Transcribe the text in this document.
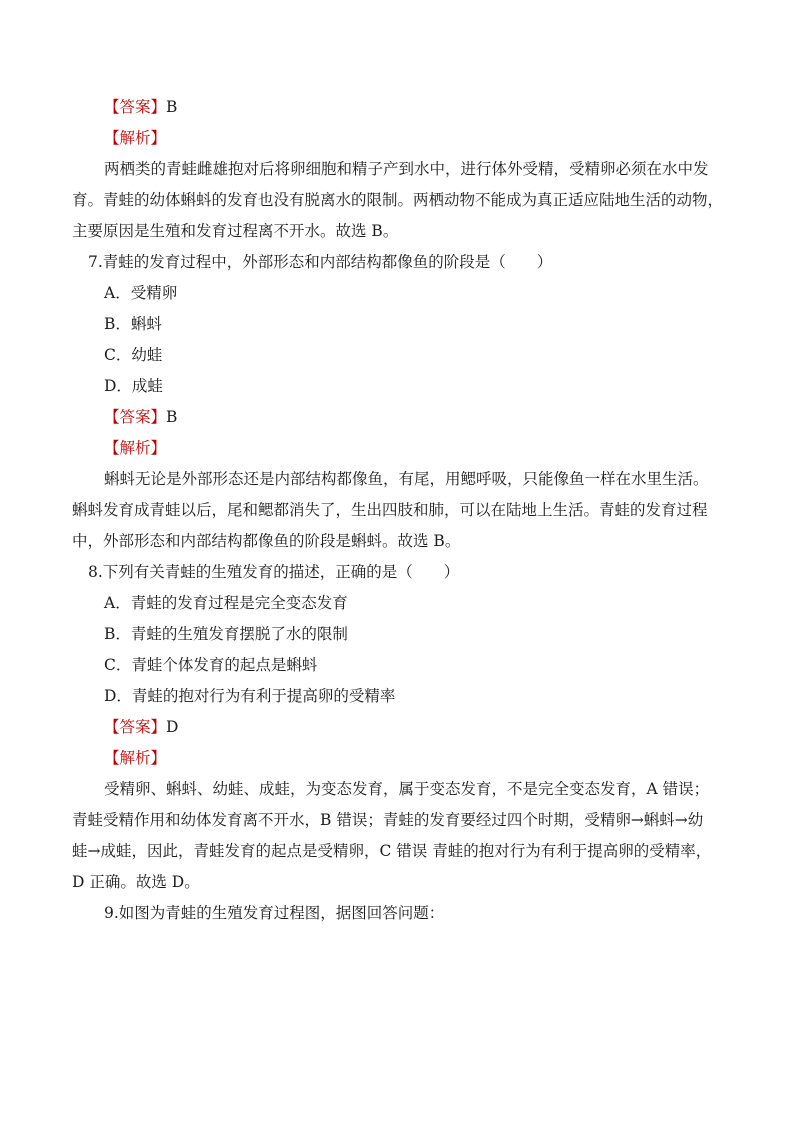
【答案】B
【解析】
两栖类的青蛙雌雄抱对后将卵细胞和精子产到水中，进行体外受精，受精卵必须在水中发
育。青蛙的幼体蝌蚪的发育也没有脱离水的限制。两栖动物不能成为真正适应陆地生活的动物，
主要原因是生殖和发育过程离不开水。故选 B。
7.青蛙的发育过程中，外部形态和内部结构都像鱼的阶段是（　　）
A．受精卵
B．蝌蚪
C．幼蛙
D．成蛙
【答案】B
【解析】
蝌蚪无论是外部形态还是内部结构都像鱼，有尾，用鳃呼吸，只能像鱼一样在水里生活。
蝌蚪发育成青蛙以后，尾和鳃都消失了，生出四肢和肺，可以在陆地上生活。青蛙的发育过程
中，外部形态和内部结构都像鱼的阶段是蝌蚪。故选 B。
8.下列有关青蛙的生殖发育的描述，正确的是（　　）
A．青蛙的发育过程是完全变态发育
B．青蛙的生殖发育摆脱了水的限制
C．青蛙个体发育的起点是蝌蚪
D．青蛙的抱对行为有利于提高卵的受精率
【答案】D
【解析】
受精卵、蝌蚪、幼蛙、成蛙，为变态发育，属于变态发育，不是完全变态发育，A 错误；
青蛙受精作用和幼体发育离不开水，B 错误；青蛙的发育要经过四个时期，受精卵→蝌蚪→幼
蛙→成蛙，因此，青蛙发育的起点是受精卵，C 错误 青蛙的抱对行为有利于提高卵的受精率，
D 正确。故选 D。
9.如图为青蛙的生殖发育过程图，据图回答问题：
